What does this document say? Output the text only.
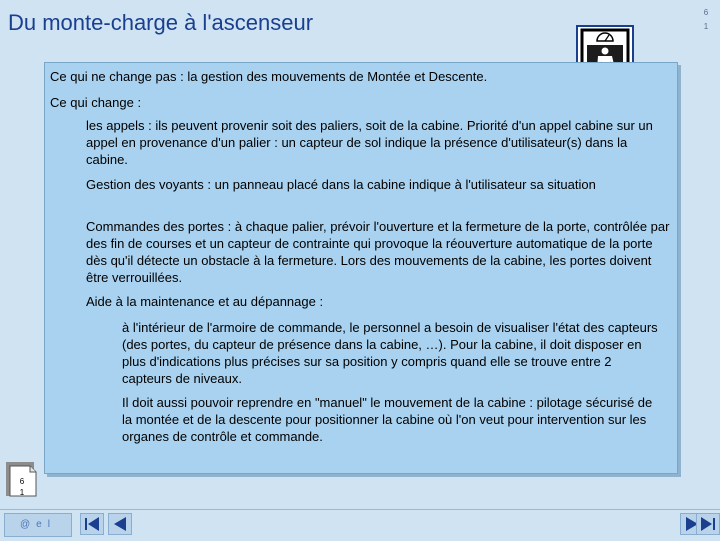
Du monte-charge à l'ascenseur	6
1

Ce qui ne change pas : la gestion des mouvements de Montée et Descente.

Ce qui change :

les appels : ils peuvent provenir soit des paliers, soit de la cabine. Priorité d'un appel cabine sur un appel en provenance d'un palier : un capteur de sol indique la présence d'utilisateur(s) dans la cabine.

Gestion des voyants : un panneau placé dans la cabine indique à l'utilisateur sa situation

Commandes des portes : à chaque palier, prévoir l'ouverture et la fermeture de la porte, contrôlée par des fin de courses et un capteur de contrainte qui provoque la réouverture automatique de la porte dès qu'il détecte un obstacle à la fermeture. Lors des mouvements de la cabine, les portes doivent être verrouillées.

Aide à la maintenance et au dépannage :

à l'intérieur de l'armoire de commande, le personnel a besoin de visualiser l'état des capteurs (des portes, du capteur de présence dans la cabine, …). Pour la cabine, il doit disposer en plus d'indications plus précises sur sa position y compris quand elle se trouve entre 2 capteurs de niveaux.

Il doit aussi pouvoir reprendre en "manuel" le mouvement de la cabine : pilotage sécurisé de la montée et de la descente pour positionner la cabine où l'on veut pour intervention sur les organes de contrôle et commande.

6
1
@el
